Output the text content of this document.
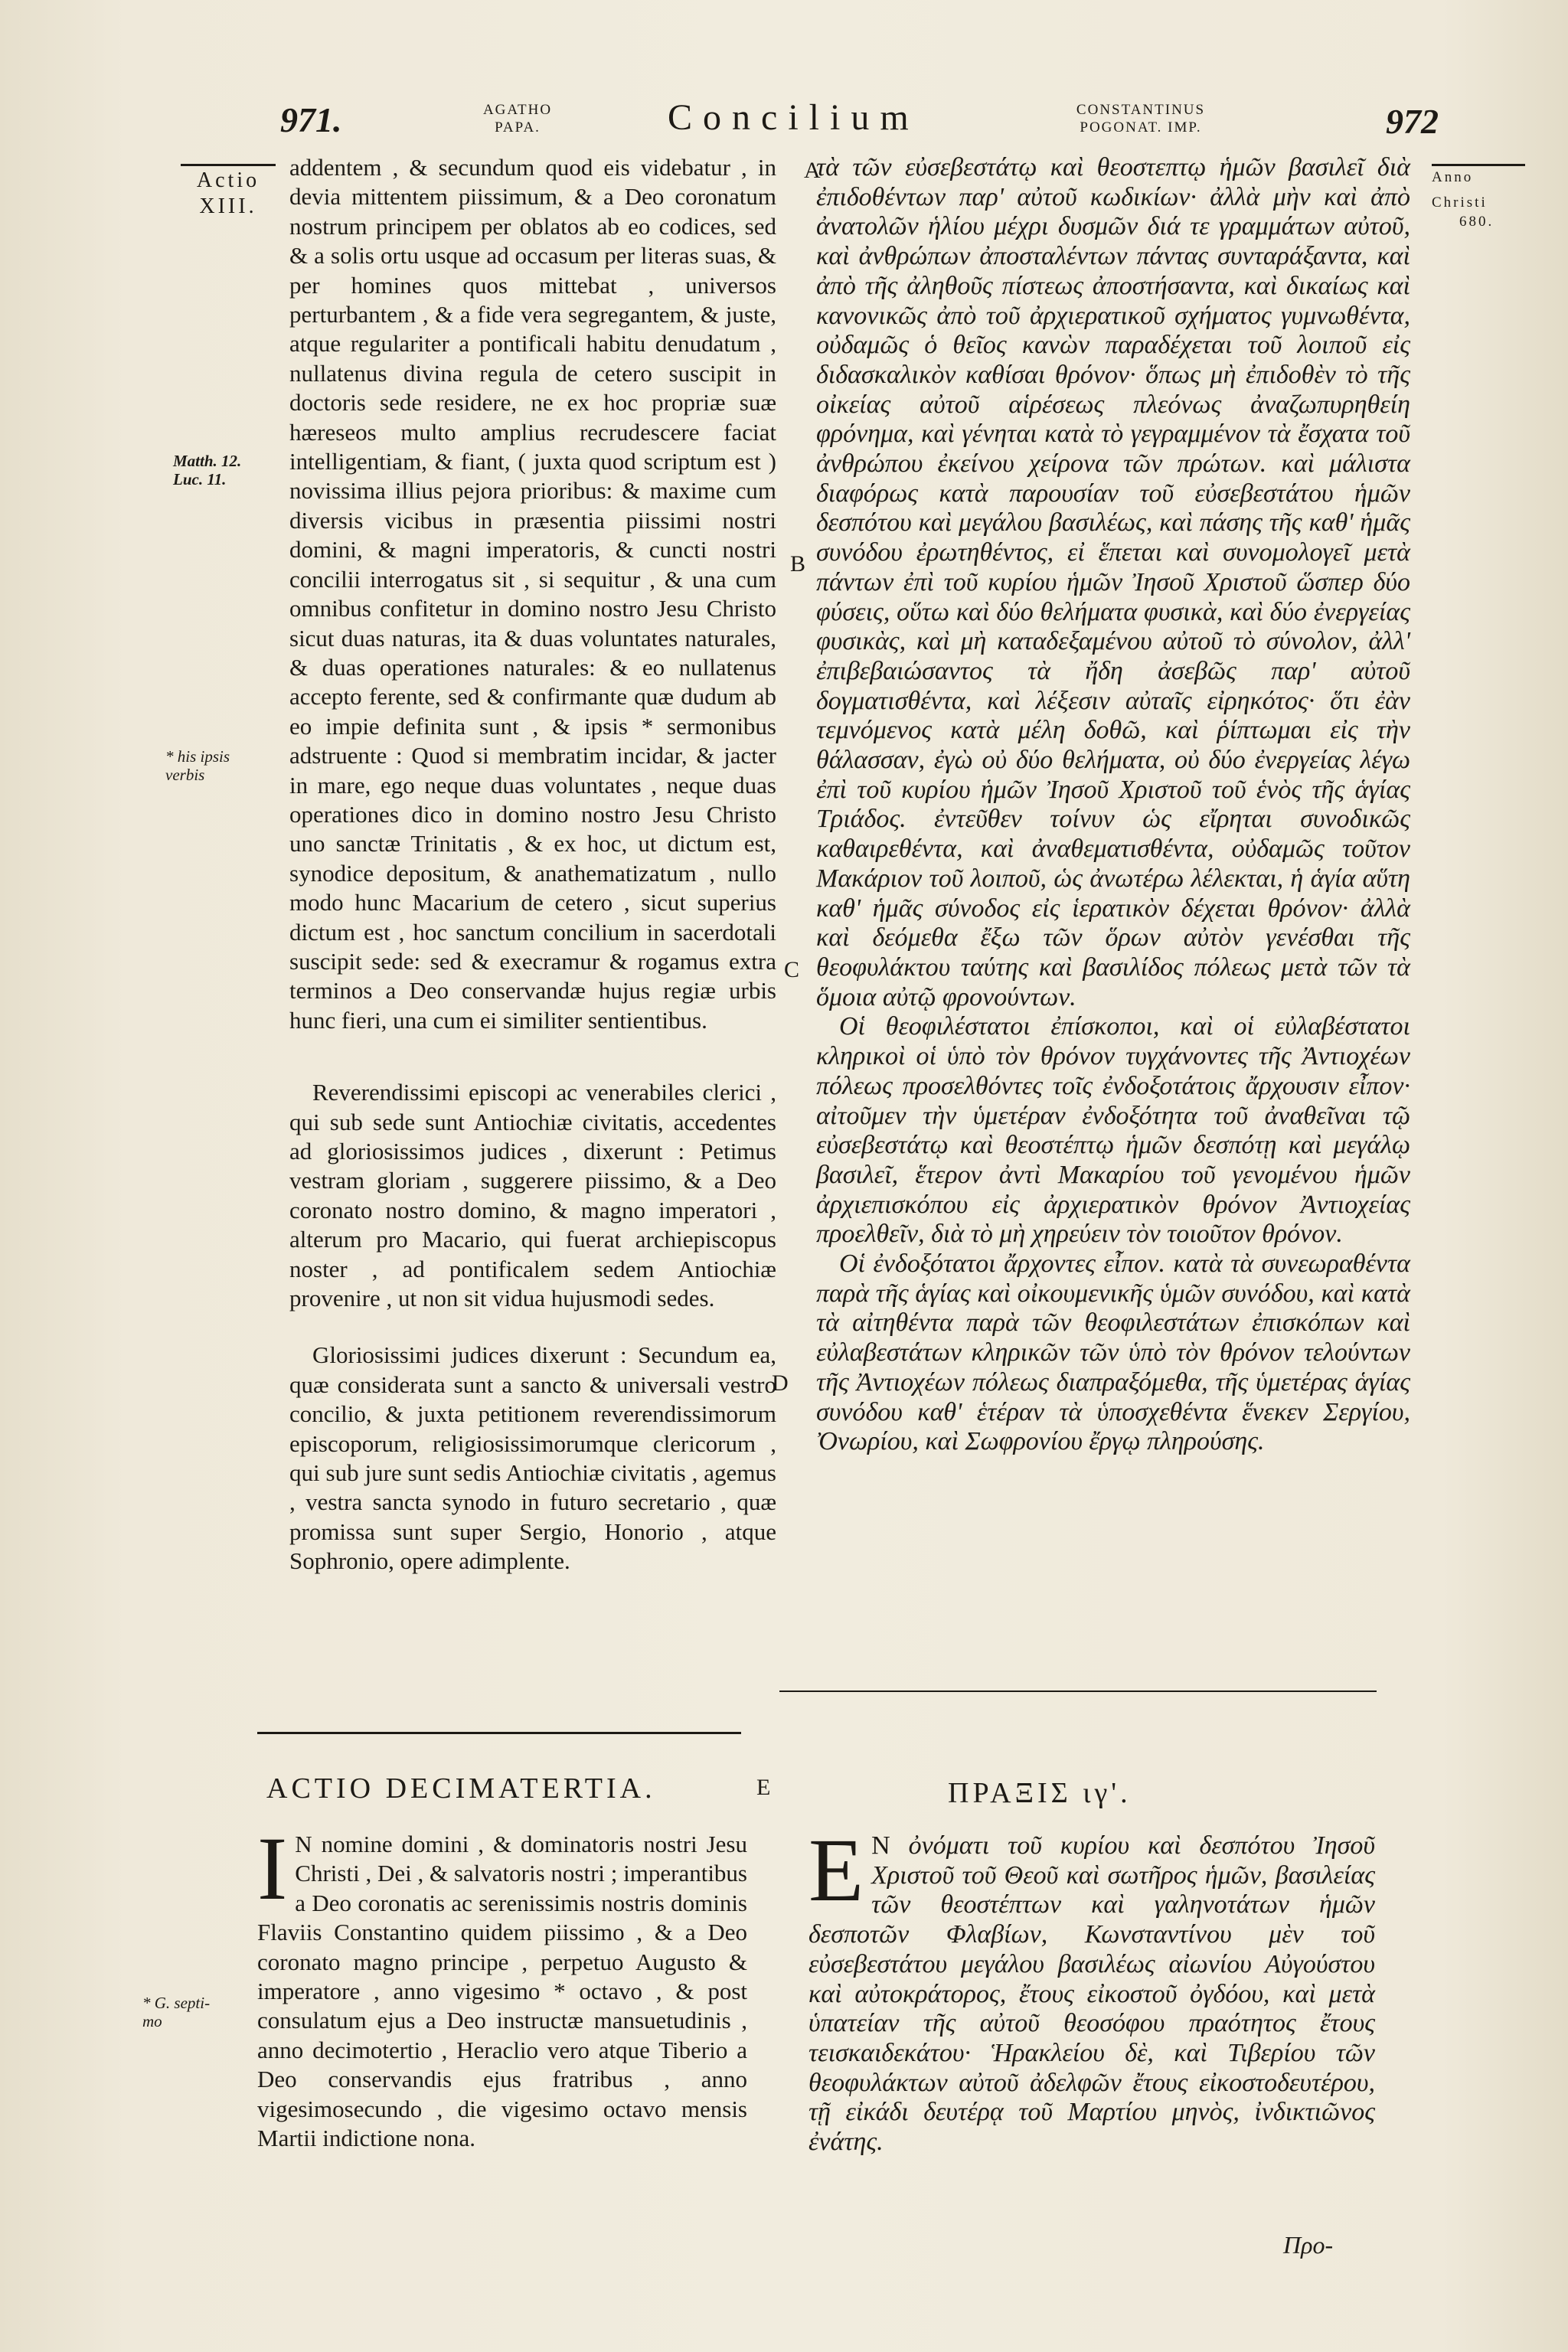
971.	AGATHO
PAPA.	Concilium	CONSTANTINUS
POGONAT. IMP.	972
Actio
XIII.
Matth. 12.
Luc. 11.
* his ipsis
verbis
* G. septi-
mo
Anno
Christi
680.
A
B
C
D
E

addentem , & secundum quod eis videbatur , in devia mittentem piissimum, & a Deo coronatum nostrum principem per oblatos ab eo codices, sed & a solis ortu usque ad occasum per literas suas, & per homines quos mittebat , universos perturbantem , & a fide vera segregantem, & juste, atque regulariter a pontificali habitu denudatum , nullatenus divina regula de cetero suscipit in doctoris sede residere, ne ex hoc propriæ suæ hæreseos multo amplius recrudescere faciat intelligentiam, & fiant, ( juxta quod scriptum est ) novissima illius pejora prioribus: & maxime cum diversis vicibus in præsentia piissimi nostri domini, & magni imperatoris, & cuncti nostri concilii interrogatus sit , si sequitur , & una cum omnibus confitetur in domino nostro Jesu Christo sicut duas naturas, ita & duas voluntates naturales, & duas operationes naturales: & eo nullatenus accepto ferente, sed & confirmante quæ dudum ab eo impie definita sunt , & ipsis * sermonibus adstruente : Quod si membratim incidar, & jacter in mare, ego neque duas voluntates , neque duas operationes dico in domino nostro Jesu Christo uno sanctæ Trinitatis , & ex hoc, ut dictum est, synodice depositum, & anathematizatum , nullo modo hunc Macarium de cetero , sicut superius dictum est , hoc sanctum concilium in sacerdotali suscipit sede: sed & execramur & rogamus extra terminos a Deo conservandæ hujus regiæ urbis hunc fieri, una cum ei similiter sentientibus.

Reverendissimi episcopi ac venerabiles clerici , qui sub sede sunt Antiochiæ civitatis, accedentes ad gloriosissimos judices , dixerunt : Petimus vestram gloriam , suggerere piissimo, & a Deo coronato nostro domino, & magno imperatori , alterum pro Macario, qui fuerat archiepiscopus noster , ad pontificalem sedem Antiochiæ provenire , ut non sit vidua hujusmodi sedes.

Gloriosissimi judices dixerunt : Secundum ea, quæ considerata sunt a sancto & universali vestro concilio, & juxta petitionem reverendissimorum episcoporum, religiosissimorumque clericorum , qui sub jure sunt sedis Antiochiæ civitatis , agemus , vestra sancta synodo in futuro secretario , quæ promissa sunt super Sergio, Honorio , atque Sophronio, opere adimplente.

τὰ τῶν εὐσεβεστάτῳ καὶ θεοστεπτῳ ἡμῶν βασιλεῖ διὰ ἐπιδοθέντων παρ' αὐτοῦ κωδικίων· ἀλλὰ μὴν καὶ ἀπὸ ἀνατολῶν ἡλίου μέχρι δυσμῶν διά τε γραμμάτων αὐτοῦ, καὶ ἀνθρώπων ἀποσταλέντων πάντας συνταράξαντα, καὶ ἀπὸ τῆς ἀληθοῦς πίστεως ἀποστήσαντα, καὶ δικαίως καὶ κανονικῶς ἀπὸ τοῦ ἀρχιερατικοῦ σχήματος γυμνωθέντα, οὐδαμῶς ὁ θεῖος κανὼν παραδέχεται τοῦ λοιποῦ εἰς διδασκαλικὸν καθίσαι θρόνον· ὅπως μὴ ἐπιδοθὲν τὸ τῆς οἰκείας αὐτοῦ αἱρέσεως πλεόνως ἀναζωπυρηθείη φρόνημα, καὶ γένηται κατὰ τὸ γεγραμμένον τὰ ἔσχατα τοῦ ἀνθρώπου ἐκείνου χείρονα τῶν πρώτων. καὶ μάλιστα διαφόρως κατὰ παρουσίαν τοῦ εὐσεβεστάτου ἡμῶν δεσπότου καὶ μεγάλου βασιλέως, καὶ πάσης τῆς καθ' ἡμᾶς συνόδου ἐρωτηθέντος, εἰ ἕπεται καὶ συνομολογεῖ μετὰ πάντων ἐπὶ τοῦ κυρίου ἡμῶν Ἰησοῦ Χριστοῦ ὥσπερ δύο φύσεις, οὕτω καὶ δύο θελήματα φυσικὰ, καὶ δύο ἐνεργείας φυσικὰς, καὶ μὴ καταδεξαμένου αὐτοῦ τὸ σύνολον, ἀλλ' ἐπιβεβαιώσαντος τὰ ἤδη ἀσεβῶς παρ' αὐτοῦ δογματισθέντα, καὶ λέξεσιν αὐταῖς εἰρηκότος· ὅτι ἐὰν τεμνόμενος κατὰ μέλη δοθῶ, καὶ ῥίπτωμαι εἰς τὴν θάλασσαν, ἐγὼ οὐ δύο θελήματα, οὐ δύο ἐνεργείας λέγω ἐπὶ τοῦ κυρίου ἡμῶν Ἰησοῦ Χριστοῦ τοῦ ἑνὸς τῆς ἁγίας Τριάδος. ἐντεῦθεν τοίνυν ὡς εἴρηται συνοδικῶς καθαιρεθέντα, καὶ ἀναθεματισθέντα, οὐδαμῶς τοῦτον Μακάριον τοῦ λοιποῦ, ὡς ἀνωτέρω λέλεκται, ἡ ἁγία αὕτη καθ' ἡμᾶς σύνοδος εἰς ἱερατικὸν δέχεται θρόνον· ἀλλὰ καὶ δεόμεθα ἔξω τῶν ὅρων αὐτὸν γενέσθαι τῆς θεοφυλάκτου ταύτης καὶ βασιλίδος πόλεως μετὰ τῶν τὰ ὅμοια αὐτῷ φρονούντων.

Οἱ θεοφιλέστατοι ἐπίσκοποι, καὶ οἱ εὐλαβέστατοι κληρικοὶ οἱ ὑπὸ τὸν θρόνον τυγχάνοντες τῆς Ἀντιοχέων πόλεως προσελθόντες τοῖς ἐνδοξοτάτοις ἄρχουσιν εἶπον· αἰτοῦμεν τὴν ὑμετέραν ἐνδοξότητα τοῦ ἀναθεῖναι τῷ εὐσεβεστάτῳ καὶ θεοστέπτῳ ἡμῶν δεσπότῃ καὶ μεγάλῳ βασιλεῖ, ἕτερον ἀντὶ Μακαρίου τοῦ γενομένου ἡμῶν ἀρχιεπισκόπου εἰς ἀρχιερατικὸν θρόνον Ἀντιοχείας προελθεῖν, διὰ τὸ μὴ χηρεύειν τὸν τοιοῦτον θρόνον.

Οἱ ἐνδοξότατοι ἄρχοντες εἶπον. κατὰ τὰ συνεωραθέντα παρὰ τῆς ἁγίας καὶ οἰκουμενικῆς ὑμῶν συνόδου, καὶ κατὰ τὰ αἰτηθέντα παρὰ τῶν θεοφιλεστάτων ἐπισκόπων καὶ εὐλαβεστάτων κληρικῶν τῶν ὑπὸ τὸν θρόνον τελούντων τῆς Ἀντιοχέων πόλεως διαπραξόμεθα, τῆς ὑμετέρας ἁγίας συνόδου καθ' ἑτέραν τὰ ὑποσχεθέντα ἕνεκεν Σεργίου, Ὀνωρίου, καὶ Σωφρονίου ἔργῳ πληρούσης.

ACTIO DECIMATERTIA.	ΠΡΑΞΙΣ ιγ'.
I N nomine domini , & dominatoris nostri Jesu Christi , Dei , & salvatoris nostri ; imperantibus a Deo coronatis ac serenissimis nostris dominis Flaviis Constantino quidem piissimo , & a Deo coronato magno principe , perpetuo Augusto & imperatore , anno vigesimo * octavo , & post consulatum ejus a Deo instructæ mansuetudinis , anno decimotertio , Heraclio vero atque Tiberio a Deo conservandis ejus fratribus , anno vigesimosecundo , die vigesimo octavo mensis Martii indictione nona.
Ε Ν ὀνόματι τοῦ κυρίου καὶ δεσπότου Ἰησοῦ Χριστοῦ τοῦ Θεοῦ καὶ σωτῆρος ἡμῶν, βασιλείας τῶν θεοστέπτων καὶ γαληνοτάτων ἡμῶν δεσποτῶν Φλαβίων, Κωνσταντίνου μὲν τοῦ εὐσεβεστάτου μεγάλου βασιλέως αἰωνίου Αὐγούστου καὶ αὐτοκράτορος, ἔτους εἰκοστοῦ ὀγδόου, καὶ μετὰ ὑπατείαν τῆς αὐτοῦ θεοσόφου πραότητος ἔτους τεισκαιδεκάτου· Ἡρακλείου δὲ, καὶ Τιβερίου τῶν θεοφυλάκτων αὐτοῦ ἀδελφῶν ἔτους εἰκοστοδευτέρου, τῇ εἰκάδι δευτέρᾳ τοῦ Μαρτίου μηνὸς, ἰνδικτιῶνος ἐνάτης.
Προ-
